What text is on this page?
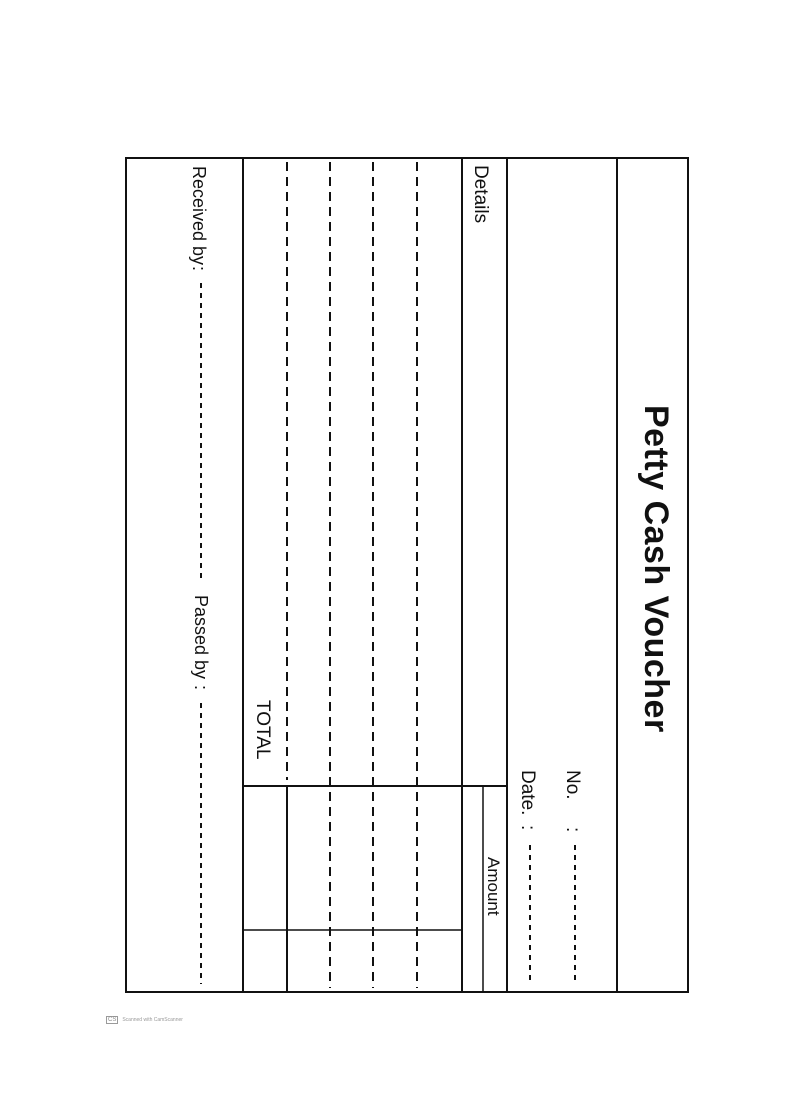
Petty Cash Voucher
No.
:
Date.
:
Details
Amount
TOTAL
Received by
:
Passed by
:
CS	Scanned with CamScanner
